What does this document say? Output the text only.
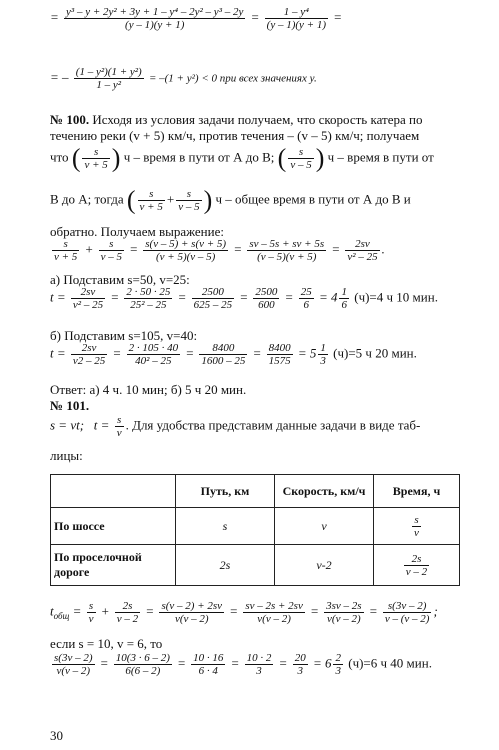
= $\frac{\text{y³ – y + 2y² + 3y + 1 – y⁴ – 2y² – y³ – 2y}}{(y - 1)(y + 1)} = \frac{\text{1 – y⁴}}{(y - 1)(y + 1)}$ =
= – $\frac{\text{(1 – y²)(1 + y²)}}{\text{1 – y²}} = -(1 + y^2) < 0$ при всех значениях y.
№ 100. Исходя из условия задачи получаем, что скорость катера по
течению реки (v + 5) км/ч, против течения – (v – 5) км/ч; получаем
что ( $\frac{s}{v + 5}$ ) ч – время в пути от А до В; ( $\frac{s}{v - 5}$ ) ч – время в пути от
В до А; тогда ( $\frac{s}{v + 5} + \frac{s}{v - 5}$ ) ч – общее время в пути от А до В и
обратно. Получаем выражение:
$\frac{s}{v + 5} + \frac{s}{v - 5} = \frac{s(v - 5) + s(v + 5)}{(v + 5)(v - 5)} = \frac{sv - 5s + sv + 5s}{(v - 5)(v + 5)} = \frac{2sv}{\text{v² – 25}}$ .
а) Подставим s=50, v=25:
$t = \frac{2sv}{\text{v² – 25}} = \frac{2 \cdot 50 \cdot 25}{\text{25² – 25}} = \frac{2500}{625 - 25} = \frac{2500}{600} = \frac{25}{6} = 4 \frac{1}{6} (ч)=4$ ч 10 мин.
б) Подставим s=105, v=40:
$t = \frac{2sv}{v2 - 25} = \frac{2 \cdot 105 \cdot 40}{\text{40² – 25}} = \frac{8400}{1600 - 25} = \frac{8400}{1575} = 5 \frac{1}{3} (ч)=5$ ч 20 мин.
Ответ: а) 4 ч. 10 мин; б) 5 ч 20 мин.
№ 101.
s = vt; $t = \frac{s}{v}$ . Для удобства представим данные задачи в виде таб-
лицы:
	Путь, км	Скорость, км/ч	Время, ч
По шоссе	s	v	$\frac{s}{v}$

По проселочной дороге	2s	v-2	$\frac{2s}{v - 2}$
$t_{общ} = \frac{s}{v} + \frac{2s}{v - 2} = \frac{s(v - 2) + 2sv}{v(v - 2)} = \frac{sv - 2s + 2sv}{v(v - 2)} = \frac{3sv - 2s}{v(v - 2)} = \frac{s(3v - 2)}{v - (v - 2)}$ ;
если s = 10, v = 6, то
$\frac{s(3v - 2)}{v(v - 2)} = \frac{10(3 \cdot 6 - 2)}{6(6 - 2)} = \frac{10 \cdot 16}{6 \cdot 4} = \frac{10 \cdot 2}{3} = \frac{20}{3} = 6 \frac{2}{3} (ч)=6$ ч 40 мин.
30
